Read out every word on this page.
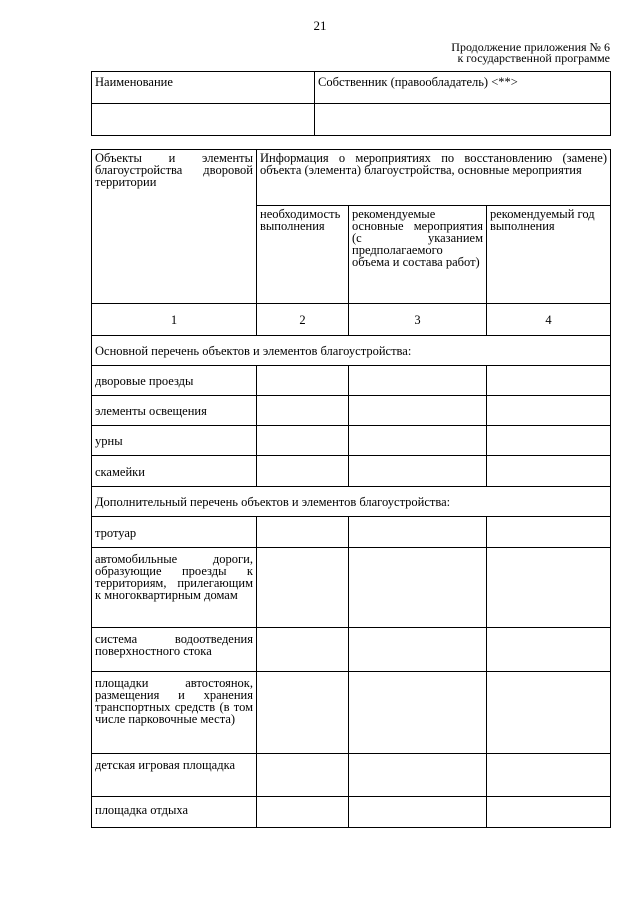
21
Продолжение приложения № 6
к государственной программе
Наименование	Собственник (правообладатель) <**>

Объекты и элементы благоустройства дворовой территории	Информация о мероприятиях по восстановлению (замене) объекта (элемента) благоустройства, основные мероприятия		
	необходимость выполнения	рекомендуемые основные мероприятия (с указанием предполагаемого объема и состава работ)	рекомендуемый год выполнения
1	2	3	4
Основной перечень объектов и элементов благоустройства:			
дворовые проезды			
элементы освещения			
урны			
скамейки			
Дополнительный перечень объектов и элементов благоустройства:			
тротуар			
автомобильные дороги, образующие проезды к территориям, прилегающим к многоквартирным домам			
система водоотведения поверхностного стока			
площадки автостоянок, размещения и хранения транспортных средств (в том числе парковочные места)			
детская игровая площадка			
площадка отдыха			
